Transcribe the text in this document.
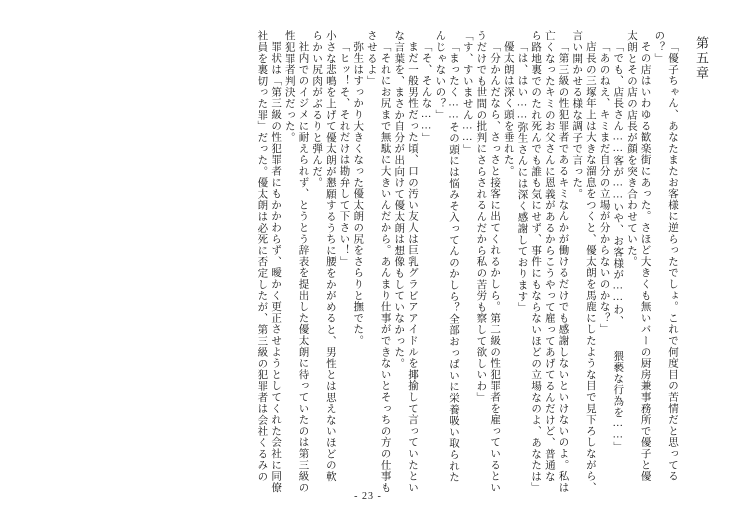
第五章
「優子ちゃん、あなたまたお客様に逆らったでしょ。これで何度目の苦情だと思ってる
の？」
その店はいわゆる歓楽街にあった。さほど大きくも無いバーの厨房兼事務所で優子と優
太朗とその店の店長が顔を突き合わせていた。
「でも、店長さん……客が……いや、お客様が……わ、  猥褻な行為を……」
「あのねえ、キミまだ自分の立場が分からないのかな？」
店長の三塚年上は大きな溜息をつくと、優太朗を馬鹿にしたような目で見下ろしながら、
言い開かせる様な調子で言った。
「第三級の性犯罪者であるキミなんかが働けるだけでも感謝しないといけないのよ。私は
亡くなったキミのお父さんに恩義があるからこうやって雇ってあげてるんだけど、普通な
ら路地裏でのたれ死んでも誰も気にせず、事件にもならないほどの立場なのよ、あなたは」
「は、はい……弥生さんには深く感謝しております」
優太朗は深く頭を垂れた。
「分かんだなら、さっさと接客に出てくれるかしら。第二級の性犯罪者を雇っているとい
うだけでも世間の批判にさらされるんだから私の苦労も察して欲しいわ」
「す、すいません……」
「まったく……その頭には悩みそ入ってんのかしら？全部おっぱいに栄養吸い取られた
んじゃないの？」
「そ、そんな……」
まだ一般男性だった頃、口の汚い友人は巨乳グラビアアイドルを揶揄して言っていたとい
な言葉を、まさか自分が出向けて優太朗は想像もしていなかった。
「それにお尻まで無駄に大きいんだから。あんまり仕事ができないとそっちの方の仕事も
させるよ」
弥生はすっかり大きくなった優太朗の尻をさらりと撫でた。
「ヒッ！そ、それだけは勘弁して下さい！」
小さな悲鳴を上げて優太朗が懇願するうちに腰をかがめると、男性とは思えないほどの軟
らかい尻肉がぶるりと弾んだ。
社内でのイジメに耐えられず、とうとう辞表を提出した優太朗に待っていたのは第三級の
性犯罪者判決だった。
罪状は「第三級の性犯罪者にもかかわらず、曖かく更正させようとしてくれた会社に同僚
社員を裏切った罪」だった。優太朗は必死に否定したが、第三級の犯罪者は会社くるみの
- 23 -
